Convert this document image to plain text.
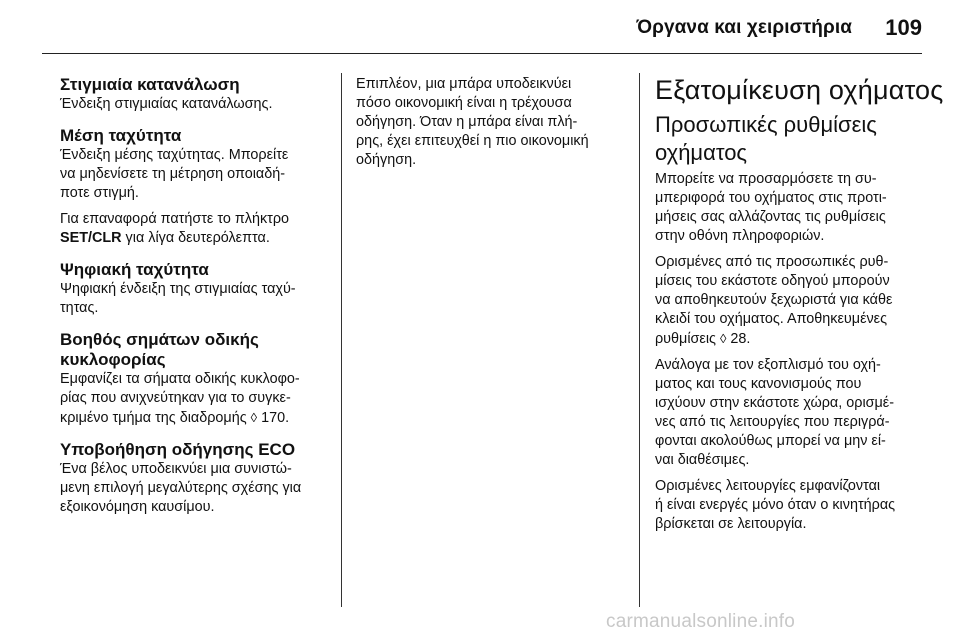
Όργανα και χειριστήρια 109
Στιγμιαία κατανάλωση
Ένδειξη στιγμιαίας κατανάλωσης.
Μέση ταχύτητα
Ένδειξη μέσης ταχύτητας. Μπορείτε
να μηδενίσετε τη μέτρηση οποιαδή-
ποτε στιγμή.
Για επαναφορά πατήστε το πλήκτρο
SET/CLR για λίγα δευτερόλεπτα.
Ψηφιακή ταχύτητα
Ψηφιακή ένδειξη της στιγμιαίας ταχύ-
τητας.
Βοηθός σημάτων οδικής
κυκλοφορίας
Εμφανίζει τα σήματα οδικής κυκλοφο-
ρίας που ανιχνεύτηκαν για το συγκε-
κριμένο τμήμα της διαδρομής ◊ 170.
Υποβοήθηση οδήγησης ECO
Ένα βέλος υποδεικνύει μια συνιστώ-
μενη επιλογή μεγαλύτερης σχέσης για
εξοικονόμηση καυσίμου.
Επιπλέον, μια μπάρα υποδεικνύει
πόσο οικονομική είναι η τρέχουσα
οδήγηση. Όταν η μπάρα είναι πλή-
ρης, έχει επιτευχθεί η πιο οικονομική
οδήγηση.
Εξατομίκευση οχήματος
Προσωπικές ρυθμίσεις
οχήματος
Μπορείτε να προσαρμόσετε τη συ-
μπεριφορά του οχήματος στις προτι-
μήσεις σας αλλάζοντας τις ρυθμίσεις
στην οθόνη πληροφοριών.
Ορισμένες από τις προσωπικές ρυθ-
μίσεις του εκάστοτε οδηγού μπορούν
να αποθηκευτούν ξεχωριστά για κάθε
κλειδί του οχήματος. Αποθηκευμένες
ρυθμίσεις ◊ 28.
Ανάλογα με τον εξοπλισμό του οχή-
ματος και τους κανονισμούς που
ισχύουν στην εκάστοτε χώρα, ορισμέ-
νες από τις λειτουργίες που περιγρά-
φονται ακολούθως μπορεί να μην εί-
ναι διαθέσιμες.
Ορισμένες λειτουργίες εμφανίζονται
ή είναι ενεργές μόνο όταν ο κινητήρας
βρίσκεται σε λειτουργία.
carmanualsonline.info
